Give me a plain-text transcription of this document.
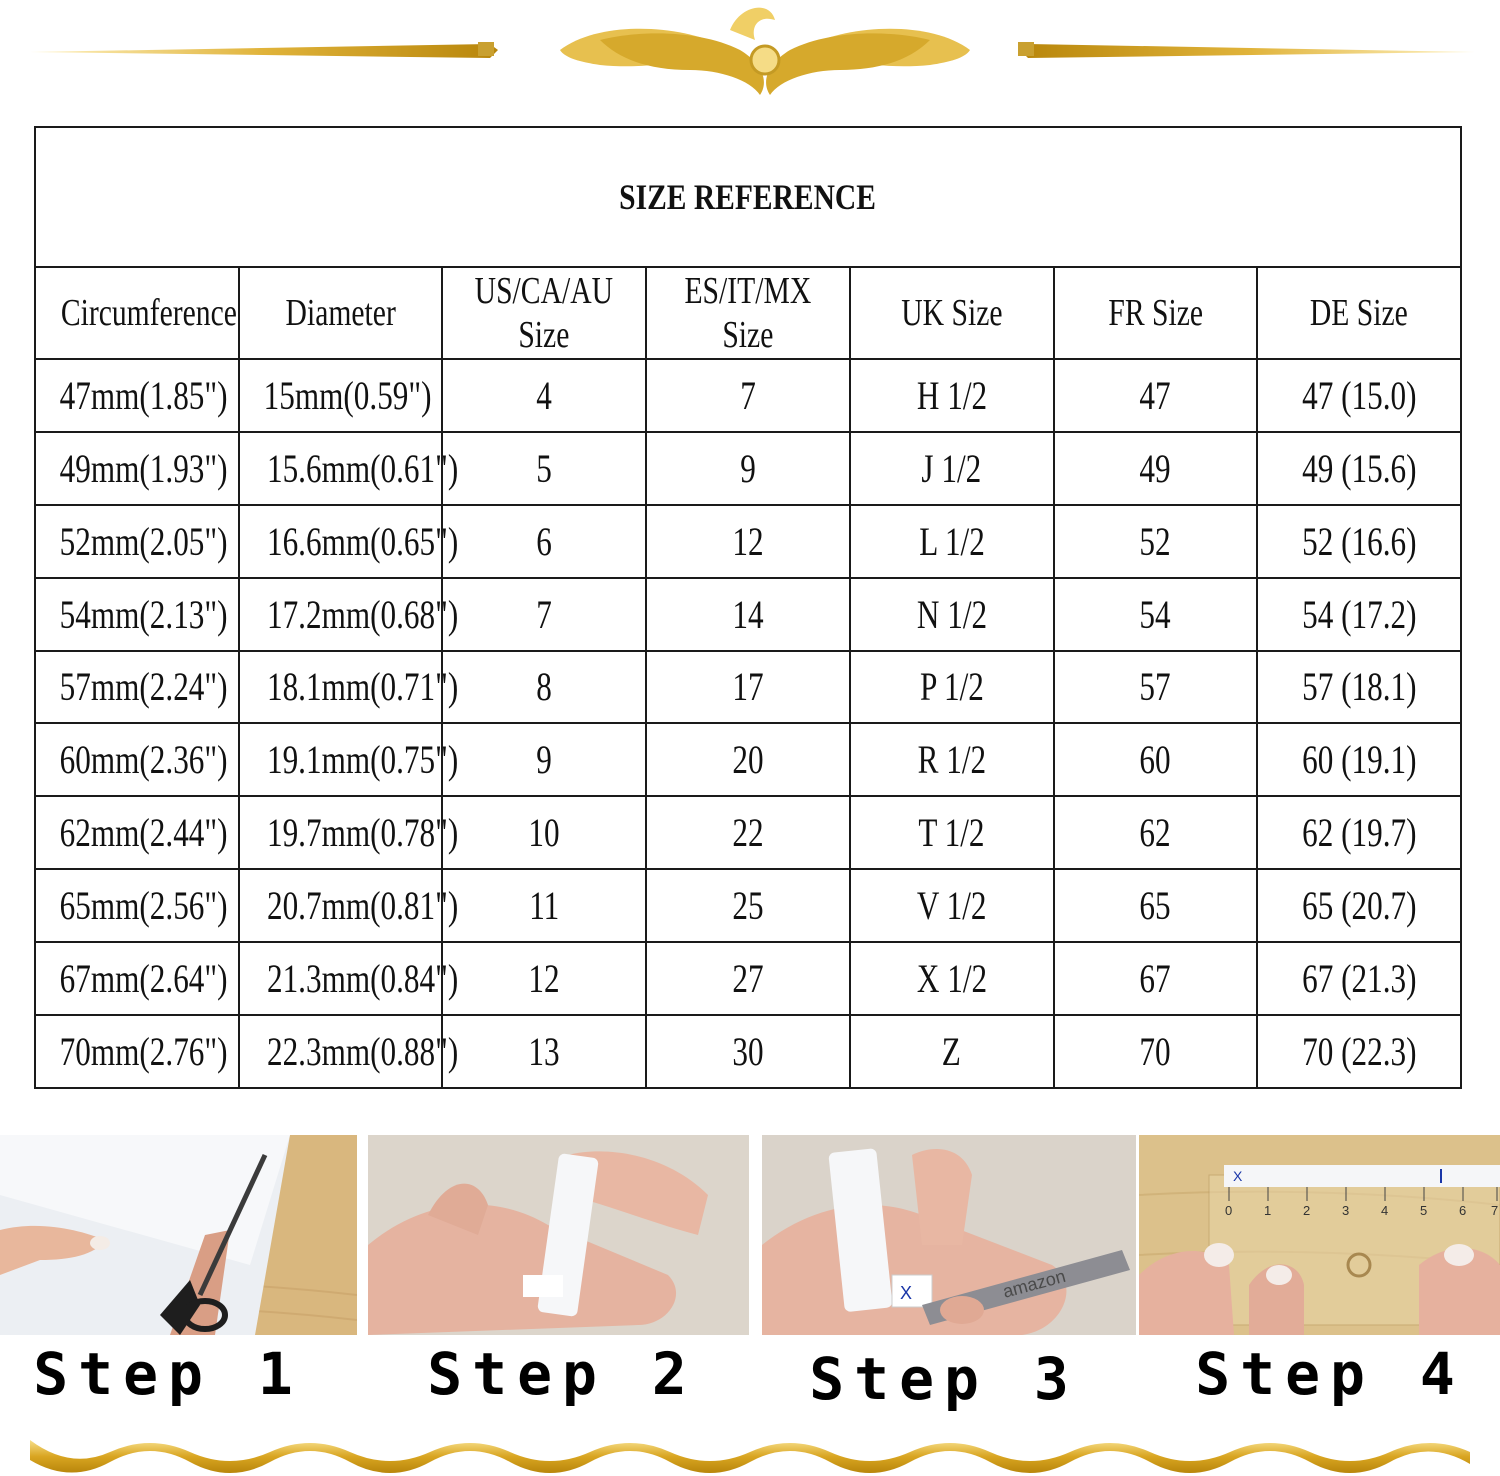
SIZE REFERENCE						
Circumference	Diameter	US/CA/AU Size	ES/IT/MX Size	UK Size	FR Size	DE Size
47mm(1.85")	15mm(0.59")	4	7	H 1/2	47	47 (15.0)
49mm(1.93")	15.6mm(0.61")	5	9	J 1/2	49	49 (15.6)
52mm(2.05")	16.6mm(0.65")	6	12	L 1/2	52	52 (16.6)
54mm(2.13")	17.2mm(0.68")	7	14	N 1/2	54	54 (17.2)
57mm(2.24")	18.1mm(0.71")	8	17	P 1/2	57	57 (18.1)
60mm(2.36")	19.1mm(0.75")	9	20	R 1/2	60	60 (19.1)
62mm(2.44")	19.7mm(0.78")	10	22	T 1/2	62	62 (19.7)
65mm(2.56")	20.7mm(0.81")	11	25	V 1/2	65	65 (20.7)
67mm(2.64")	21.3mm(0.84")	12	27	X 1/2	67	67 (21.3)
70mm(2.76")	22.3mm(0.88")	13	30	Z	70	70 (22.3)
X	amazon
X
0 1 2 3 4 5 6 7
Step 1	Step 2	Step 3	Step 4
